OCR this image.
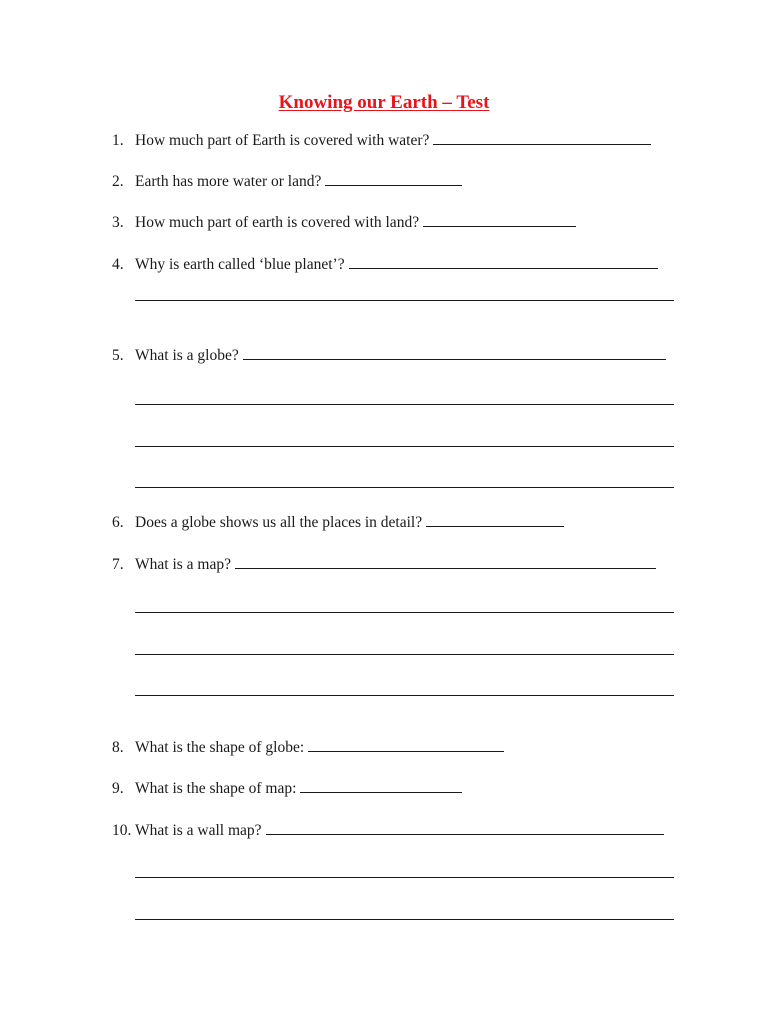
Knowing our Earth – Test
1. How much part of Earth is covered with water?
2. Earth has more water or land?
3. How much part of earth is covered with land?
4. Why is earth called ‘blue planet’?
5. What is a globe?
6. Does a globe shows us all the places in detail?
7. What is a map?
8. What is the shape of globe:
9. What is the shape of map:
10. What is a wall map?
